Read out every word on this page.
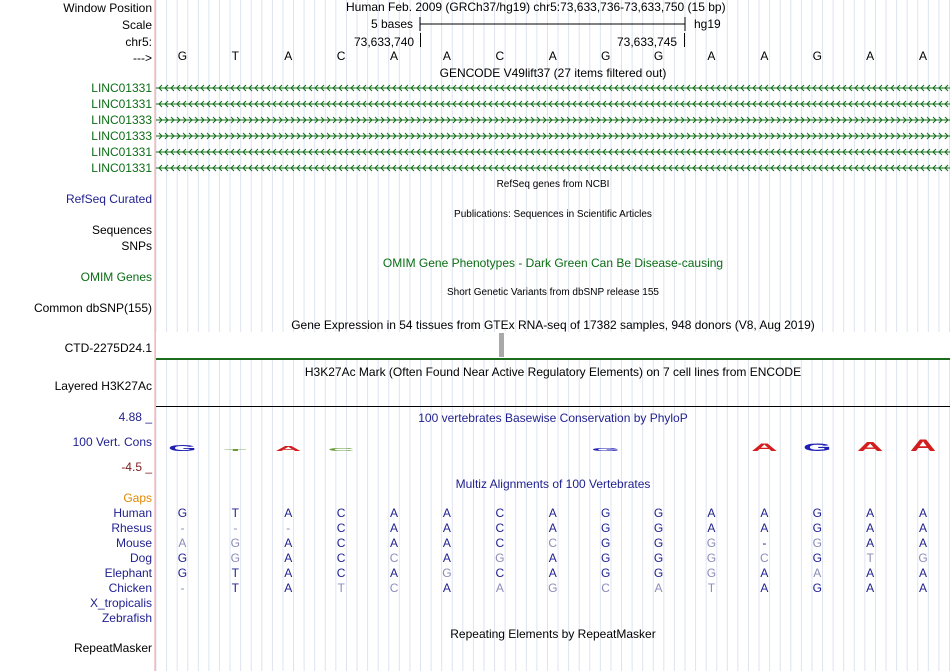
Window Position	Human Feb. 2009 (GRCh37/hg19) chr5:73,633,736-73,633,750 (15 bp)
Scale	5 bases	hg19
chr5:	73,633,740	73,633,745
--->	G	T	A	C	A	A	C	A	G	G	A	A	G	A	A
GENCODE V49lift37 (27 items filtered out)
LINC01331
LINC01331
LINC01333
LINC01333
LINC01331
LINC01331
RefSeq genes from NCBI
RefSeq Curated
Publications: Sequences in Scientific Articles
Sequences
SNPs
OMIM Gene Phenotypes - Dark Green Can Be Disease-causing
OMIM Genes
Short Genetic Variants from dbSNP release 155
Common dbSNP(155)
Gene Expression in 54 tissues from GTEx RNA-seq of 17382 samples, 948 donors (V8, Aug 2019)
CTD-2275D24.1
H3K27Ac Mark (Often Found Near Active Regulatory Elements) on 7 cell lines from ENCODE
Layered H3K27Ac
100 vertebrates Basewise Conservation by PhyloP
4.88 _
100 Vert. Cons
-4.5 _
G T A C	G	A G A A
Multiz Alignments of 100 Vertebrates
Gaps
Human	G	T	A	C	A	A	C	A	G	G	A	A	G	A	A
Rhesus	-	-	-	C	A	A	C	A	G	G	A	A	G	A	A
Mouse	A	G	A	C	A	A	C	C	G	G	G	-	G	A	A
Dog	G	G	A	C	C	A	G	A	G	G	G	C	G	T	G
Elephant	G	T	A	C	A	G	C	A	G	G	G	A	A	A	A
Chicken	-	T	A	T	C	A	A	G	C	A	T	A	G	A	A
X_tropicalis
Zebrafish
Repeating Elements by RepeatMasker
RepeatMasker
